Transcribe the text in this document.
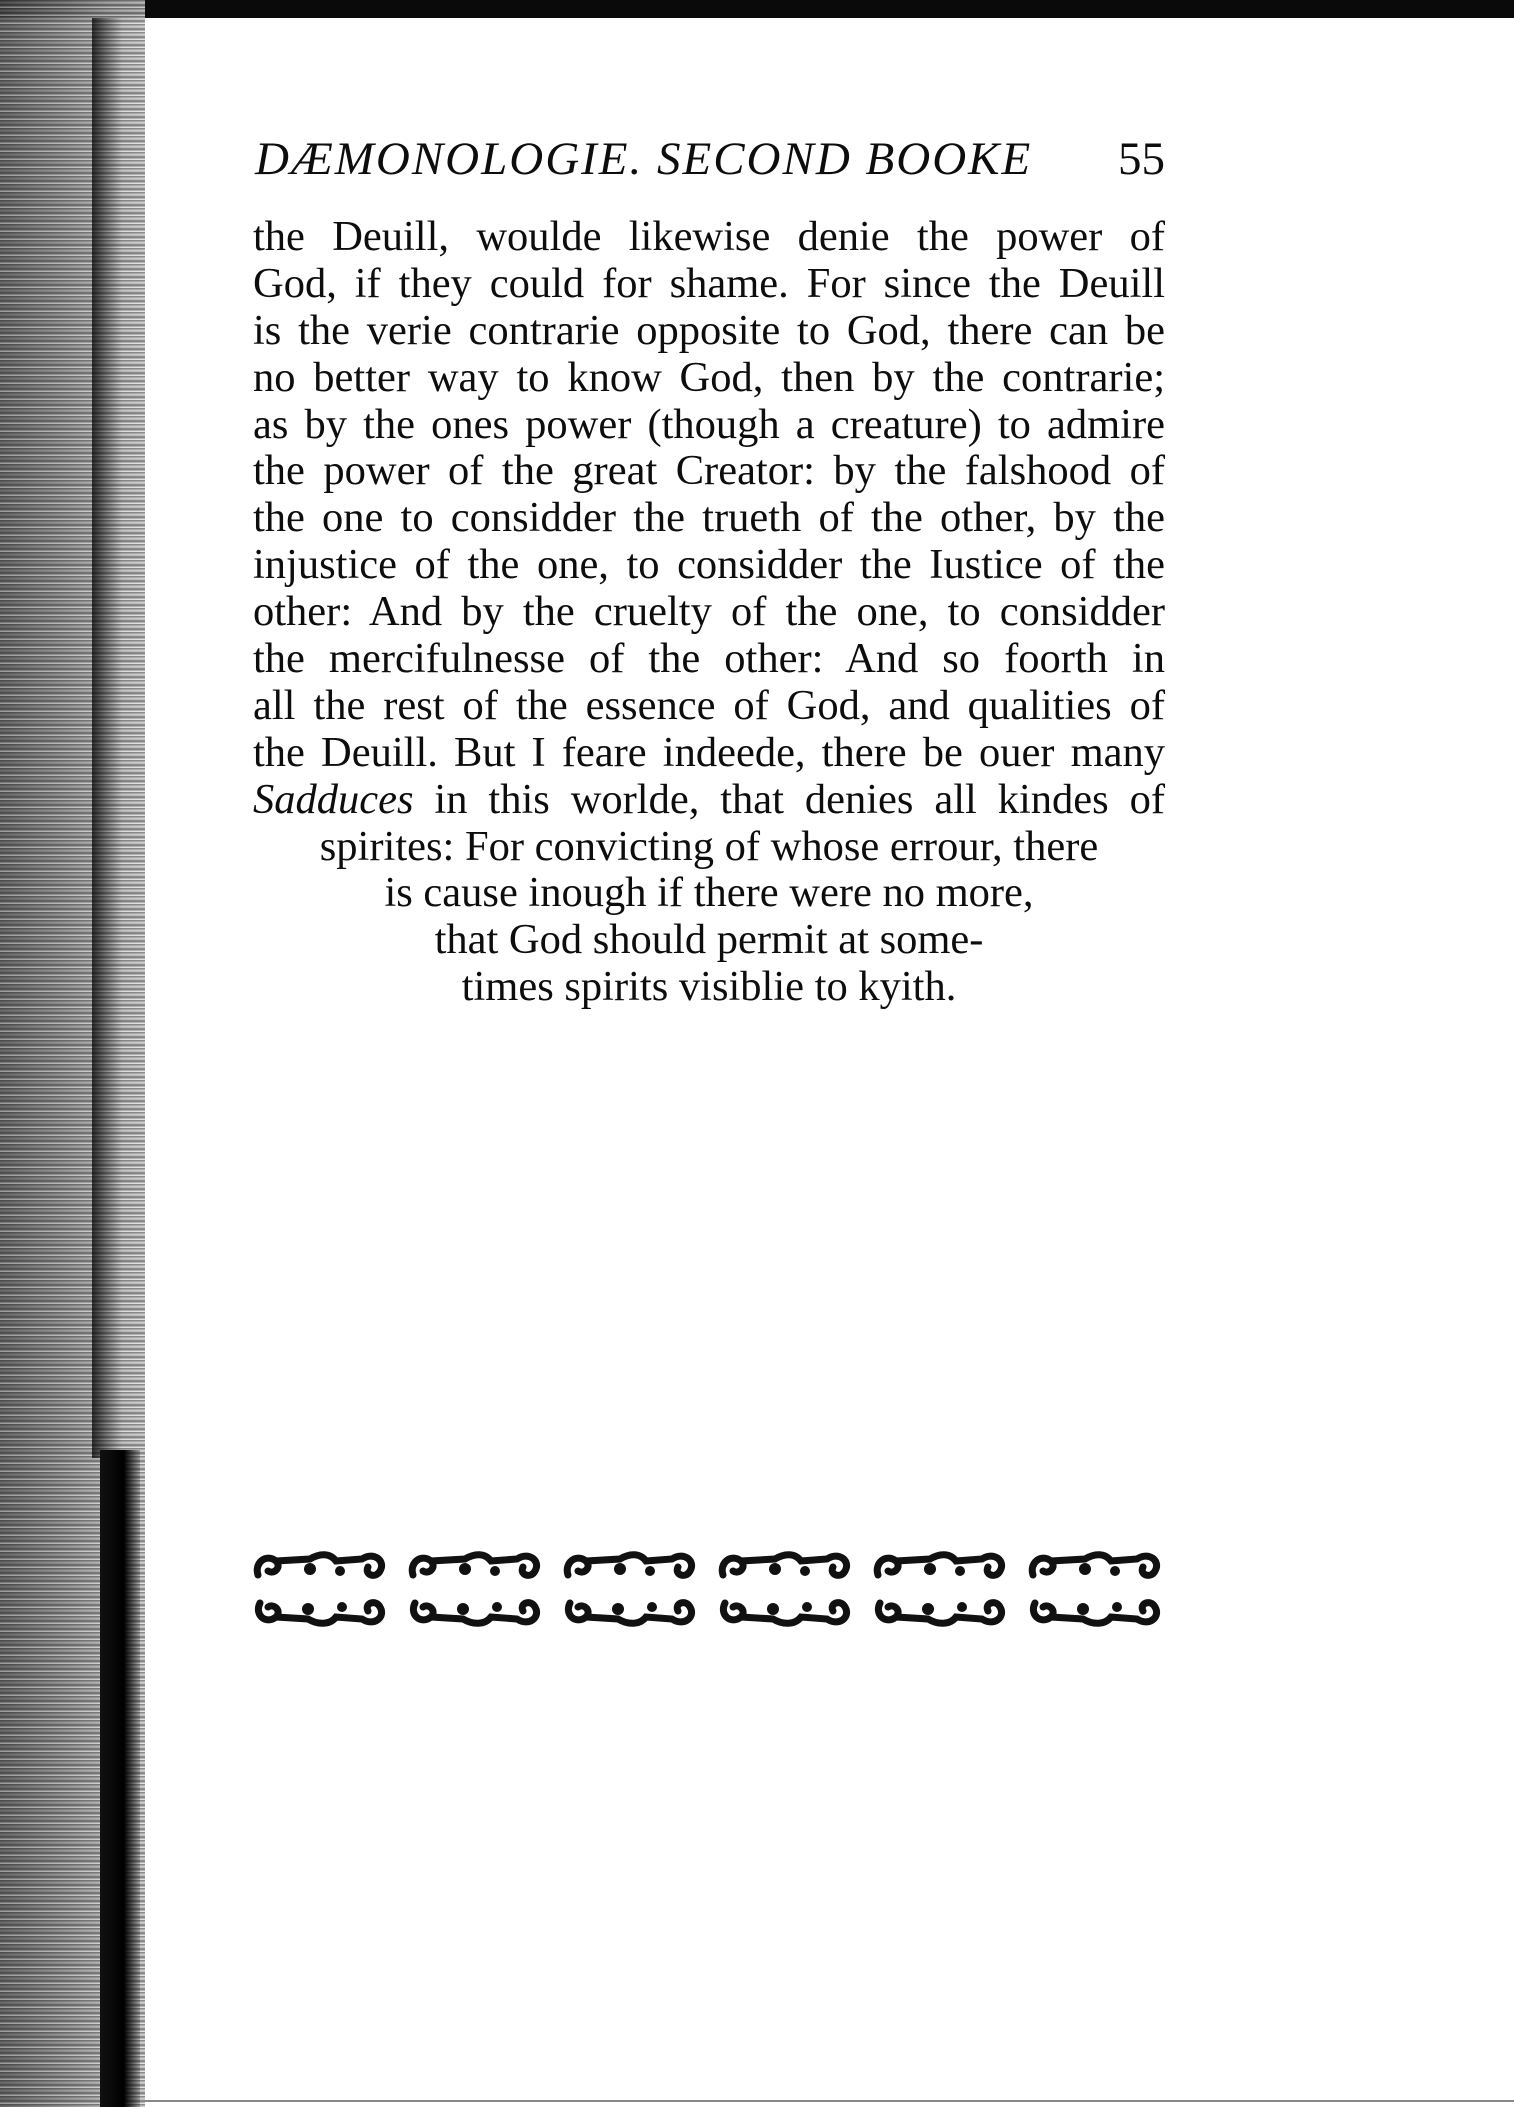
DÆMONOLOGIE. SECOND BOOKE 55
the Deuill, woulde likewise denie the power of
God, if they could for shame. For since the Deuill
is the verie contrarie opposite to God, there can be
no better way to know God, then by the contrarie;
as by the ones power (though a creature) to admire
the power of the great Creator: by the falshood of
the one to considder the trueth of the other, by the
injustice of the one, to considder the Iustice of the
other: And by the cruelty of the one, to considder
the mercifulnesse of the other: And so foorth in
all the rest of the essence of God, and qualities of
the Deuill. But I feare indeede, there be ouer many
Sadduces in this worlde, that denies all kindes of
spirites: For convicting of whose errour, there
is cause inough if there were no more,
that God should permit at some-
times spirits visiblie to kyith.
